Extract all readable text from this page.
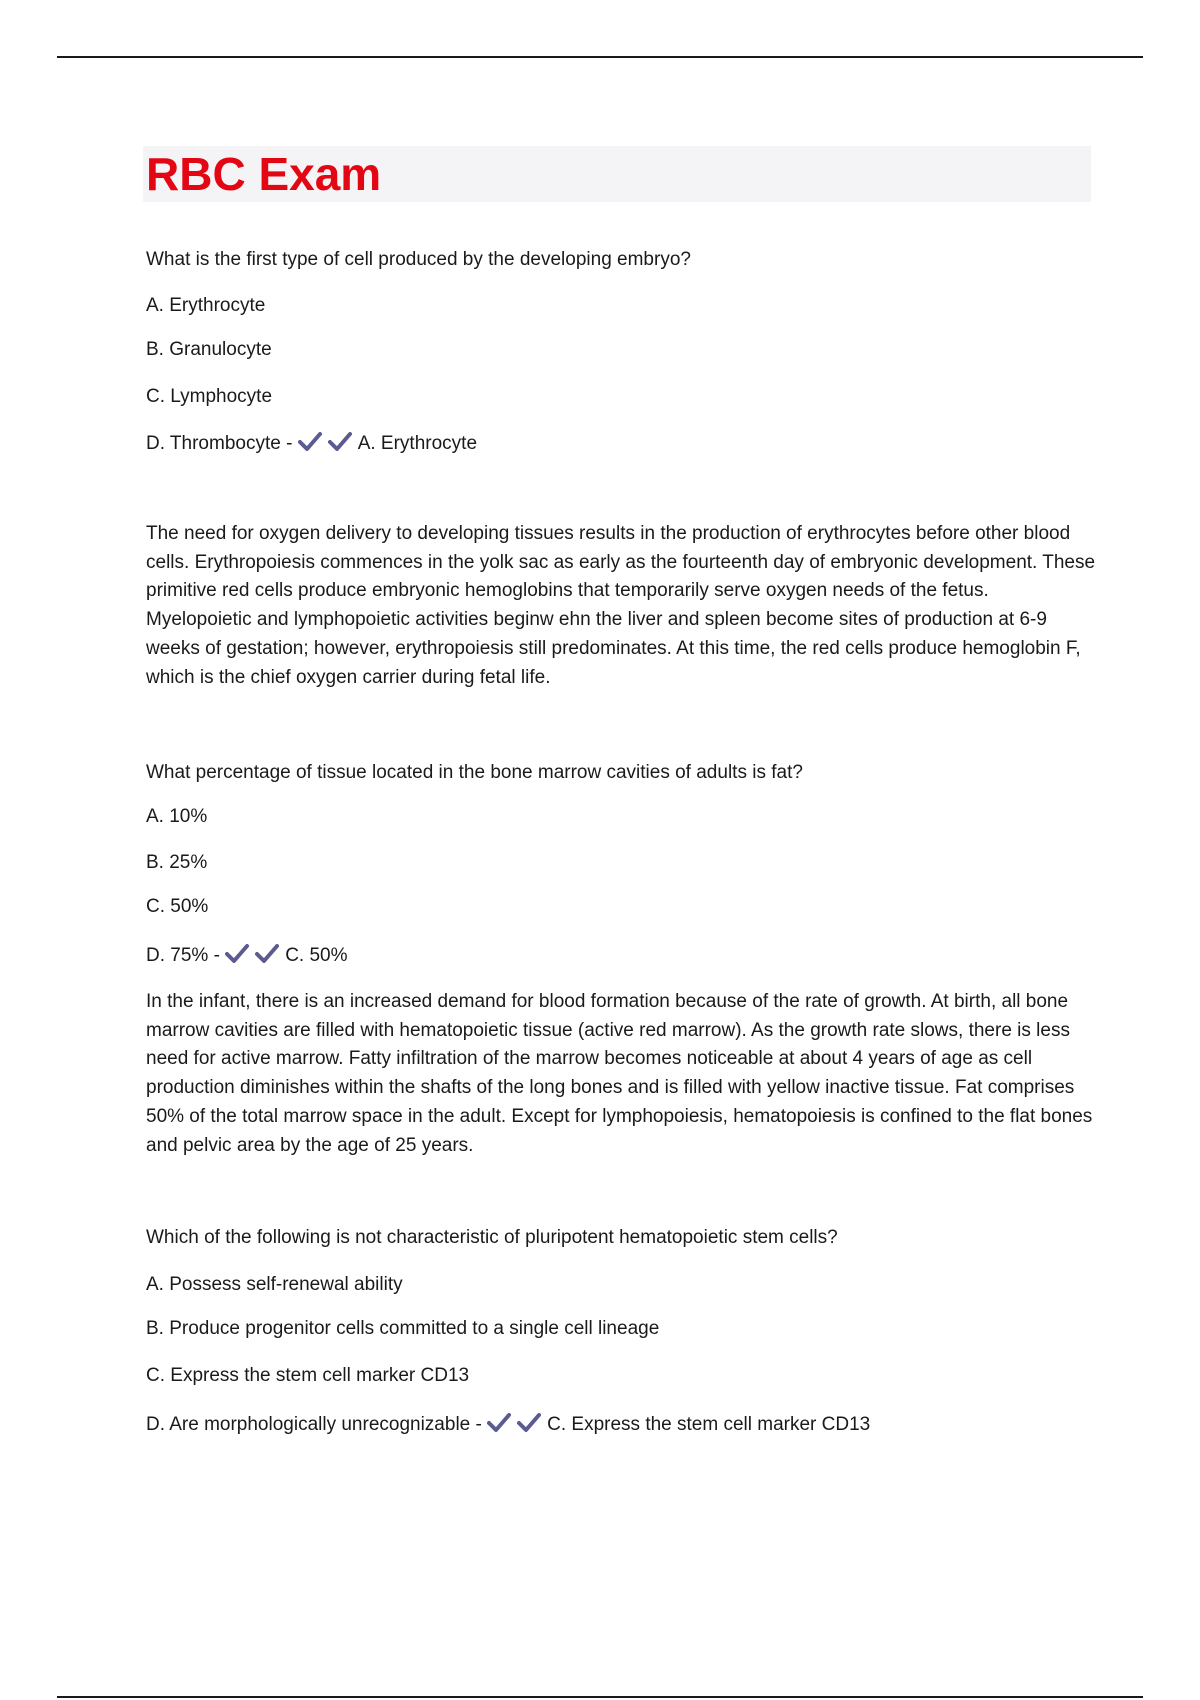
RBC Exam

What is the first type of cell produced by the developing embryo?

A. Erythrocyte

B. Granulocyte

C. Lymphocyte

D. Thrombocyte -	A. Erythrocyte

The need for oxygen delivery to developing tissues results in the production of erythrocytes before other blood cells. Erythropoiesis commences in the yolk sac as early as the fourteenth day of embryonic development. These primitive red cells produce embryonic hemoglobins that temporarily serve oxygen needs of the fetus. Myelopoietic and lymphopoietic activities beginw ehn the liver and spleen become sites of production at 6-9 weeks of gestation; however, erythropoiesis still predominates. At this time, the red cells produce hemoglobin F, which is the chief oxygen carrier during fetal life.

What percentage of tissue located in the bone marrow cavities of adults is fat?

A. 10%

B. 25%

C. 50%

D. 75% -	C. 50%

In the infant, there is an increased demand for blood formation because of the rate of growth. At birth, all bone marrow cavities are filled with hematopoietic tissue (active red marrow). As the growth rate slows, there is less need for active marrow. Fatty infiltration of the marrow becomes noticeable at about 4 years of age as cell production diminishes within the shafts of the long bones and is filled with yellow inactive tissue. Fat comprises 50% of the total marrow space in the adult. Except for lymphopoiesis, hematopoiesis is confined to the flat bones and pelvic area by the age of 25 years.

Which of the following is not characteristic of pluripotent hematopoietic stem cells?

A. Possess self-renewal ability

B. Produce progenitor cells committed to a single cell lineage

C. Express the stem cell marker CD13

D. Are morphologically unrecognizable -	C. Express the stem cell marker CD13
